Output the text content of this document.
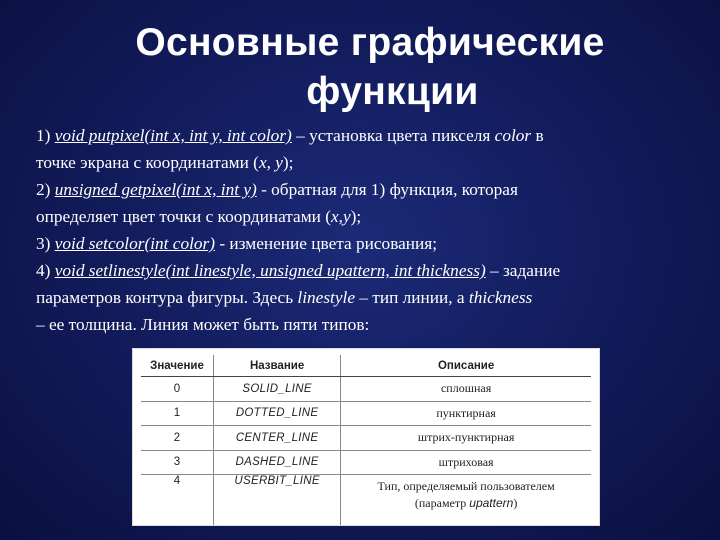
Основные графические
функции
1) void putpixel(int x, int y, int color) – установка цвета пикселя color в
точке экрана с координатами (x, y);
2) unsigned getpixel(int x, int y) - обратная для 1) функция, которая
определяет цвет точки с координатами (x,y);
3) void setcolor(int color) - изменение цвета рисования;
4) void setlinestyle(int linestyle, unsigned upattern, int thickness) – задание
параметров контура фигуры. Здесь linestyle – тип линии, а thickness
– ее толщина. Линия может быть пяти типов:
Значение	Название	Описание
0	SOLID_LINE	сплошная
1	DOTTED_LINE	пунктирная
2	CENTER_LINE	штрих-пунктирная
3	DASHED_LINE	штриховая
4	USERBIT_LINE	Тип, определяемый пользователем
(параметр upattern)
